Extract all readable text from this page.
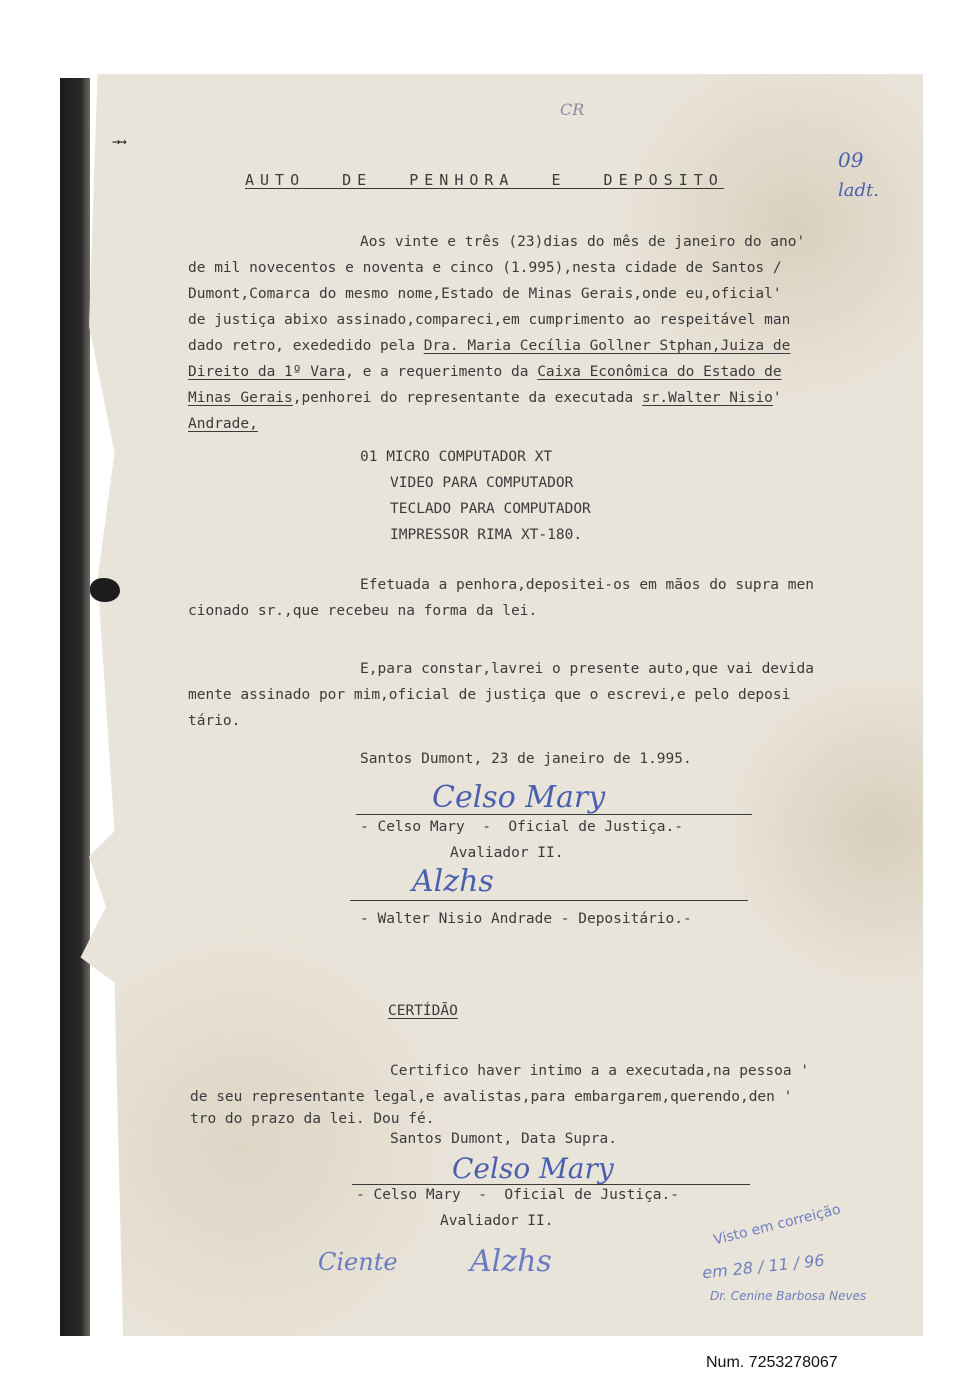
→→
CR
09
ladt.
AUTO DE PENHORA E DEPOSITO
Aos vinte e três (23)dias do mês de janeiro do ano'
de mil novecentos e noventa e cinco (1.995),nesta cidade de Santos /
Dumont,Comarca do mesmo nome,Estado de Minas Gerais,onde eu,oficial'
de justiça abixo assinado,compareci,em cumprimento ao respeitável man
dado retro, exededido pela Dra. Maria Cecília Gollner Stphan,Juiza de
Direito da 1º Vara, e a requerimento da Caixa Econômica do Estado de
Minas Gerais,penhorei do representante da executada sr.Walter Nisio'
Andrade,
01 MICRO COMPUTADOR XT
VIDEO PARA COMPUTADOR
TECLADO PARA COMPUTADOR
IMPRESSOR RIMA XT-180.
Efetuada a penhora,depositei-os em mãos do supra men
cionado sr.,que recebeu na forma da lei.
E,para constar,lavrei o presente auto,que vai devida
mente assinado por mim,oficial de justiça que o escrevi,e pelo deposi
tário.
Santos Dumont, 23 de janeiro de 1.995.
Celso Mary
- Celso Mary  -  Oficial de Justiça.-
Avaliador II.
Alzhs
- Walter Nisio Andrade - Depositário.-
CERTÍDÃO
Certifico haver intimo a a executada,na pessoa '
de seu representante legal,e avalistas,para embargarem,querendo,den '
tro do prazo da lei. Dou fé.
Santos Dumont, Data Supra.
Celso Mary
- Celso Mary  -  Oficial de Justiça.-
Avaliador II.
Ciente Alzhs
Visto em correição
em 28 / 11 / 96
Dr. Cenine Barbosa Neves
Num. 7253278067
